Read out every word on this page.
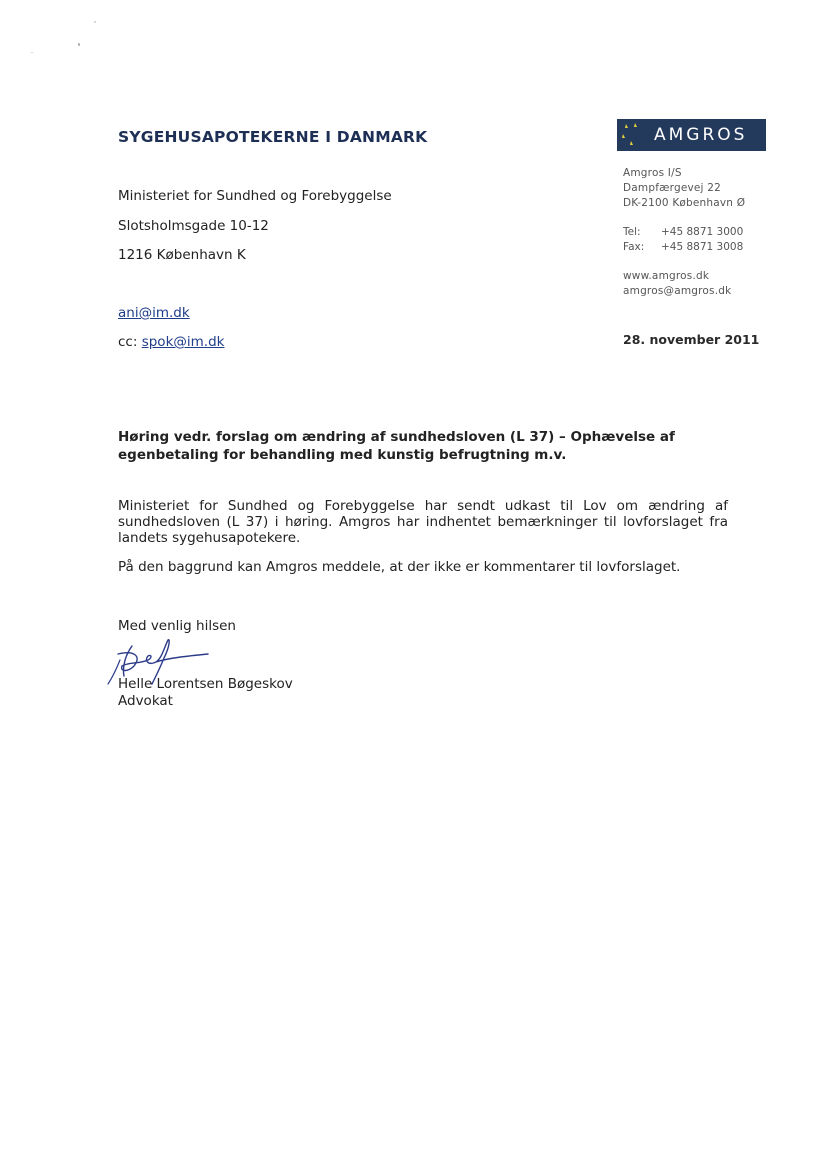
SYGEHUSAPOTEKERNE I DANMARK
Ministeriet for Sundhed og Forebyggelse
Slotsholmsgade 10-12
1216 København K
ani@im.dk
cc: spok@im.dk
AMGROS
Amgros I/S
Dampfærgevej 22
DK-2100 København Ø
Tel: +45 8871 3000
Fax: +45 8871 3008
www.amgros.dk
amgros@amgros.dk
28. november 2011
Høring vedr. forslag om ændring af sundhedsloven (L 37) – Ophævelse af
egenbetaling for behandling med kunstig befrugtning m.v.
Ministeriet for Sundhed og Forebyggelse har sendt udkast til Lov om ændring af
sundhedsloven (L 37) i høring. Amgros har indhentet bemærkninger til lovforslaget fra
landets sygehusapotekere.
På den baggrund kan Amgros meddele, at der ikke er kommentarer til lovforslaget.
Med venlig hilsen
Helle Lorentsen Bøgeskov
Advokat
